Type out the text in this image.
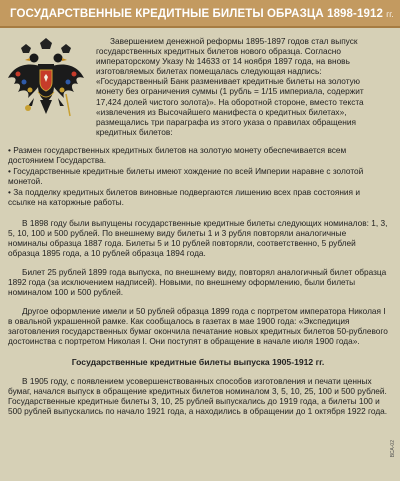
ГОСУДАРСТВЕННЫЕ КРЕДИТНЫЕ БИЛЕТЫ ОБРАЗЦА 1898-1912 гг.

Завершением денежной реформы 1895-1897 годов стал выпуск государственных кредитных билетов нового образца. Согласно императорскому Указу № 14633 от 14 ноября 1897 года, на вновь изготовляемых билетах помещалась следующая надпись: «Государственный Банк разменивает кредитные билеты на золотую монету без ограничения суммы (1 рубль = 1/15 империала, содержит 17,424 долей чистого золота)». На оборотной стороне, вместо текста «извлечения из Высочайшего манифеста о кредитных билетах», размещались три параграфа из этого указа о правилах обращения кредитных билетов:

• Размен государственных кредитных билетов на золотую монету обеспечивается всем достоянием Государства.
• Государственные кредитные билеты имеют хождение по всей Империи наравне с золотой монетой.
• За подделку кредитных билетов виновные подвергаются лишению всех прав состояния и ссылке на каторжные работы.

В 1898 году были выпущены государственные кредитные билеты следующих номиналов: 1, 3, 5, 10, 100 и 500 рублей. По внешнему виду билеты 1 и 3 рубля повторяли аналогичные номиналы образца 1887 года. Билеты 5 и 10 рублей повторяли, соответственно, 5 рублей образца 1895 года, а 10 рублей образца 1894 года.

Билет 25 рублей 1899 года выпуска, по внешнему виду, повторял аналогичный билет образца 1892 года (за исключением надписей). Новыми, по внешнему оформлению, были билеты номиналом 100 и 500 рублей.

Другое оформление имели и 50 рублей образца 1899 года с портретом императора Николая I в овальной украшенной рамке. Как сообщалось в газетах в мае 1900 года: «Экспедиция заготовления государственных бумаг окончила печатание новых кредитных билетов 50-рублевого достоинства с портретом Николая I. Они поступят в обращение в начале июля 1900 года».

Государственные кредитные билеты выпуска 1905-1912 гг.

В 1905 году, с появлением усовершенствованных способов изготовления и печати ценных бумаг, начался выпуск в обращение кредитных билетов номиналом 3, 5, 10, 25, 100 и 500 рублей. Государственные кредитные билеты 3, 10, 25 рублей выпускались до 1919 года, а билеты 100 и 500 рублей выпускались по начало 1921 года, а находились в обращении до 1 октября 1922 года.

ВСА-02
